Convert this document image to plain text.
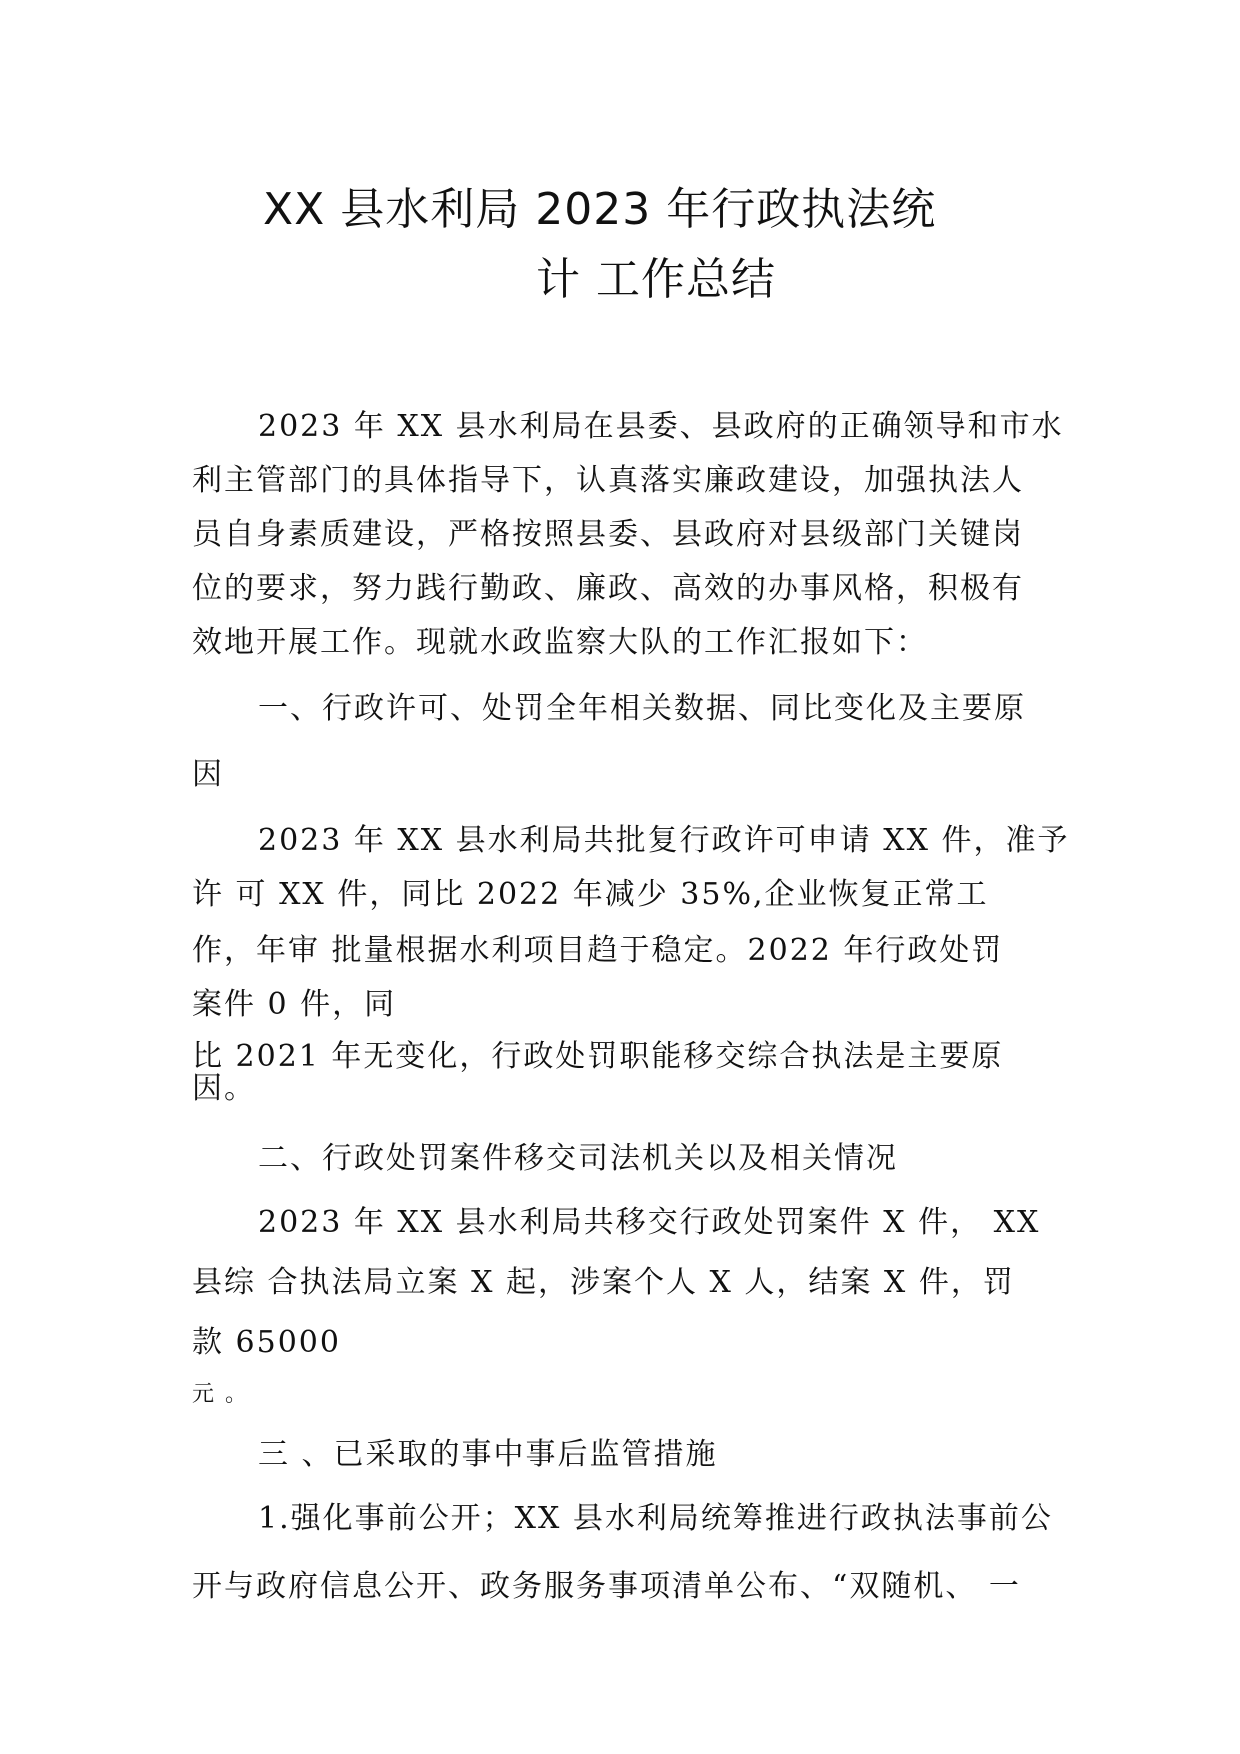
XX 县水利局 2023 年行政执法统
计 工作总结
2023 年 XX 县水利局在县委、县政府的正确领导和市水
利主管部门的具体指导下，认真落实廉政建设，加强执法人
员自身素质建设，严格按照县委、县政府对县级部门关键岗
位的要求，努力践行勤政、廉政、高效的办事风格，积极有
效地开展工作。现就水政监察大队的工作汇报如下：
一、行政许可、处罚全年相关数据、同比变化及主要原
因
2023 年 XX 县水利局共批复行政许可申请 XX 件，准予
许 可 XX 件，同比 2022 年减少 35%,企业恢复正常工
作，年审 批量根据水利项目趋于稳定。2022 年行政处罚
案件 0 件，同
比 2021 年无变化，行政处罚职能移交综合执法是主要原
因。
二、行政处罚案件移交司法机关以及相关情况
2023 年 XX 县水利局共移交行政处罚案件 X 件， XX
县综 合执法局立案 X 起，涉案个人 X 人，结案 X 件，罚
款 65000
元 。
三 、已采取的事中事后监管措施
1.强化事前公开；XX 县水利局统筹推进行政执法事前公
开与政府信息公开、政务服务事项清单公布、“双随机、 一
